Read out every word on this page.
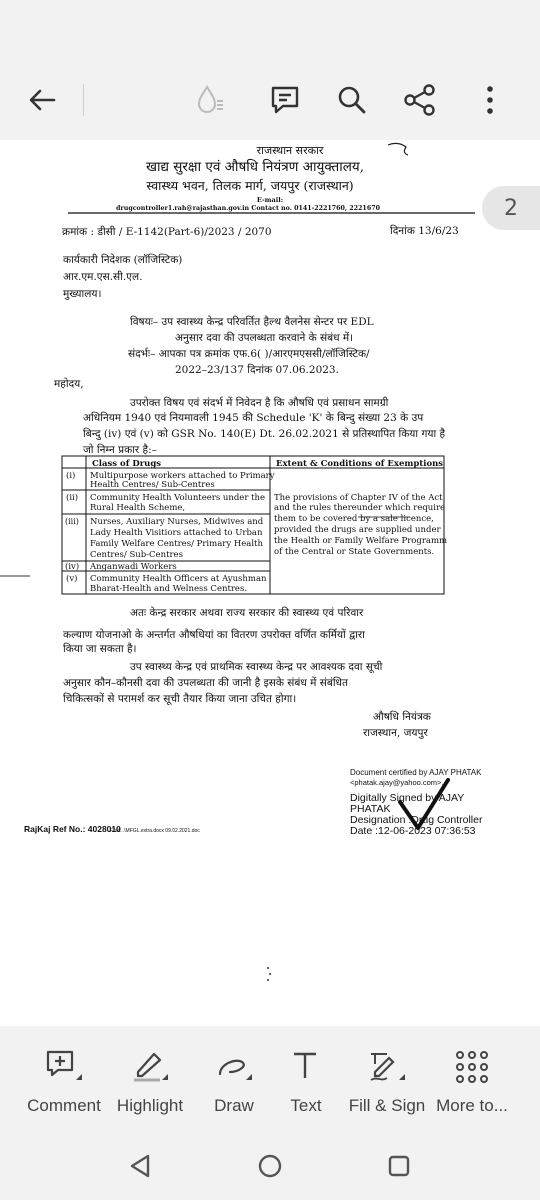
राजस्थान सरकार
खाद्य सुरक्षा एवं औषधि नियंत्रण आयुक्तालय,
स्वास्थ्य भवन, तिलक मार्ग, जयपुर (राजस्थान)
E-mail:
drugcontroller1.rah@rajasthan.gov.in Contact no. 0141-2221760, 2221670
क्रमांक : डीसी / E-1142(Part-6)/2023 / 2070	दिनांक 13/6/23
कार्यकारी निदेशक (लॉजिस्टिक)
आर.एम.एस.सी.एल.
मुख्यालय।
विषयः– उप स्वास्थ्य केन्द्र परिवर्तित हैल्थ वैलनेस सेन्टर पर EDL
अनुसार दवा की उपलब्धता करवाने के संबंध में।
संदर्भः– आपका पत्र क्रमांक एफ.6( )/आरएमएससी/लॉजिस्टिक/
2022–23/137 दिनांक 07.06.2023.
महोदय,
उपरोक्त विषय एवं संदर्भ में निवेदन है कि औषधि एवं प्रसाधन सामग्री
अधिनियम 1940 एवं नियमावली 1945 की Schedule 'K' के बिन्दु संख्या 23 के उप
बिन्दु (iv) एवं (v) को GSR No. 140(E) Dt. 26.02.2021 से प्रतिस्थापित किया गया है
जो निम्न प्रकार है:–
Class of Drugs	Extent & Conditions of Exemptions
(i) Multipurpose workers attached to Primary
Health Centres/ Sub-Centres
(ii) Community Health Volunteers under the
Rural Health Scheme,
(iii) Nurses, Auxiliary Nurses, Midwives and
Lady Health Visitiors attached to Urban
Family Welfare Centres/ Primary Health
Centres/ Sub-Centres
(iv) Anganwadi Workers
(v) Community Health Officers at Ayushman
Bharat-Health and Welness Centres.
The provisions of Chapter IV of the Act
and the rules thereunder which require
them to be covered by a sale licence,
provided the drugs are supplied under
the Health or Family Welfare Programm
of the Central or State Governments.
अतः केन्द्र सरकार अथवा राज्य सरकार की स्वास्थ्य एवं परिवार
कल्याण योजनाओ के अन्तर्गत औषधियां का वितरण उपरोक्त वर्णित कर्मियों द्वारा
किया जा सकता है।
उप स्वास्थ्य केन्द्र एवं प्राथमिक स्वास्थ्य केन्द्र पर आवश्यक दवा सूची
अनुसार कौन–कौनसी दवा की उपलब्धता की जानी है इसके संबंध में संबंधित
चिकित्सकों से परामर्श कर सूची तैयार किया जाना उचित होगा।
औषधि नियंत्रक
राजस्थान, जयपुर
Document certified by AJAY PHATAK
<phatak.ajay@yahoo.com>.
Digitally Signed by AJAY
PHATAK
Designation :Drug Controller
Date :12-06-2023 07:36:53
RajKaj Ref No.: 4028010
F:\M...\MFGL.extra.docx 09.02.2021.doc
2
Comment Highlight	Draw	Text	Fill & Sign More to...
